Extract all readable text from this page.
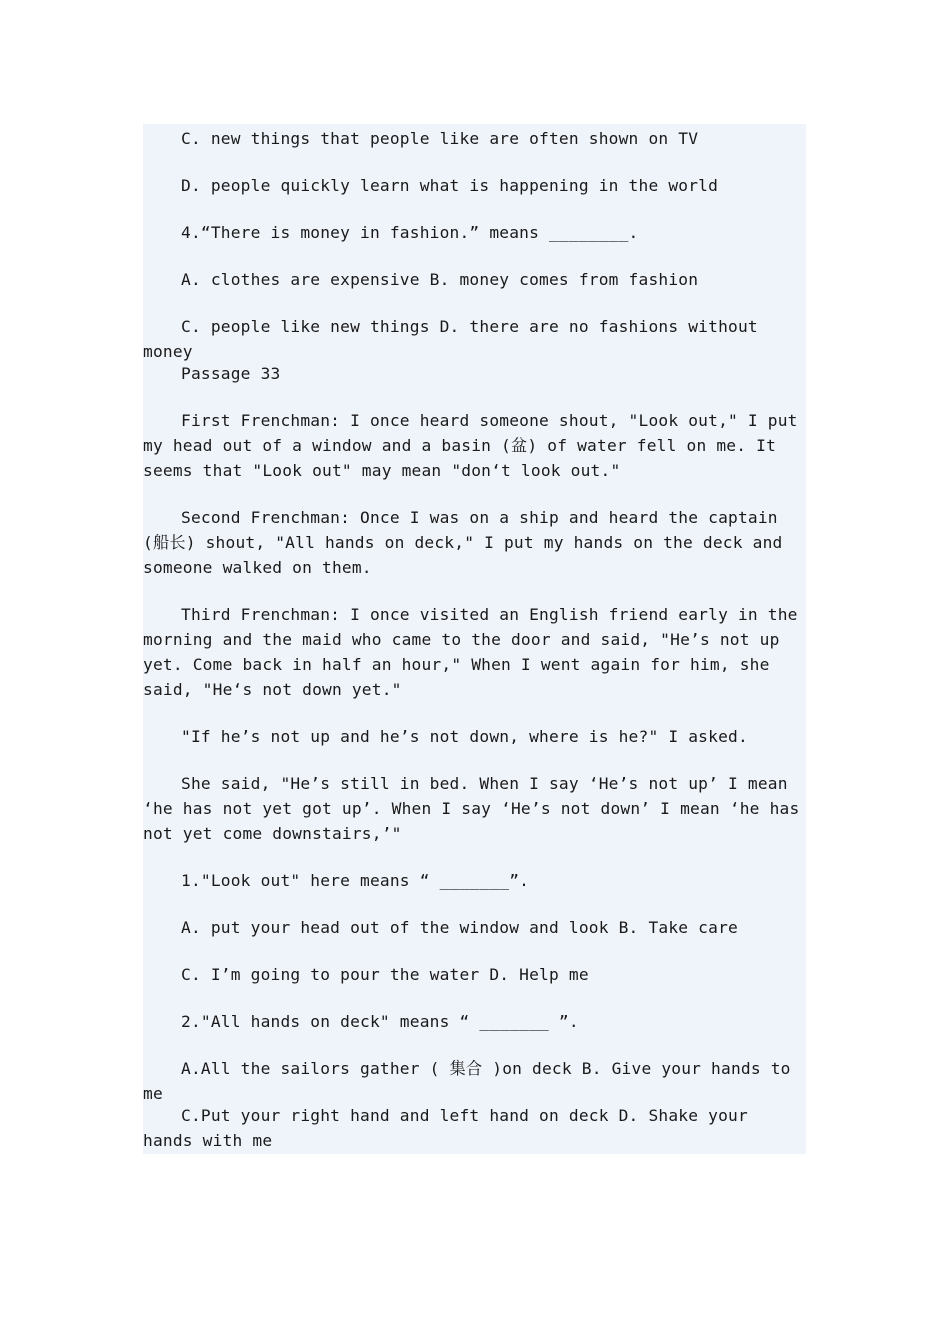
C. new things that people like are often shown on TV

D. people quickly learn what is happening in the world

4.“There is money in fashion.” means ________.

A. clothes are expensive B. money comes from fashion

C. people like new things D. there are no fashions without money

Passage 33

First Frenchman: I once heard someone shout, "Look out," I put my head out of a window and a basin (盆) of water fell on me. It seems that "Look out" may mean "don‘t look out."

Second Frenchman: Once I was on a ship and heard the captain (船长) shout, "All hands on deck," I put my hands on the deck and someone walked on them.

Third Frenchman: I once visited an English friend early in the morning and the maid who came to the door and said, "He’s not up yet. Come back in half an hour," When I went again for him, she said, "He‘s not down yet."

"If he’s not up and he’s not down, where is he?" I asked.

She said, "He’s still in bed. When I say ‘He’s not up’ I mean ‘he has not yet got up’. When I say ‘He’s not down’ I mean ‘he has not yet come downstairs,’"

1."Look out" here means “ _______”.

A. put your head out of the window and look B. Take care

C. I’m going to pour the water D. Help me

2."All hands on deck" means “ _______ ”.

A.All the sailors gather ( 集合 )on deck B. Give your hands to me

C.Put your right hand and left hand on deck D. Shake your hands with me
